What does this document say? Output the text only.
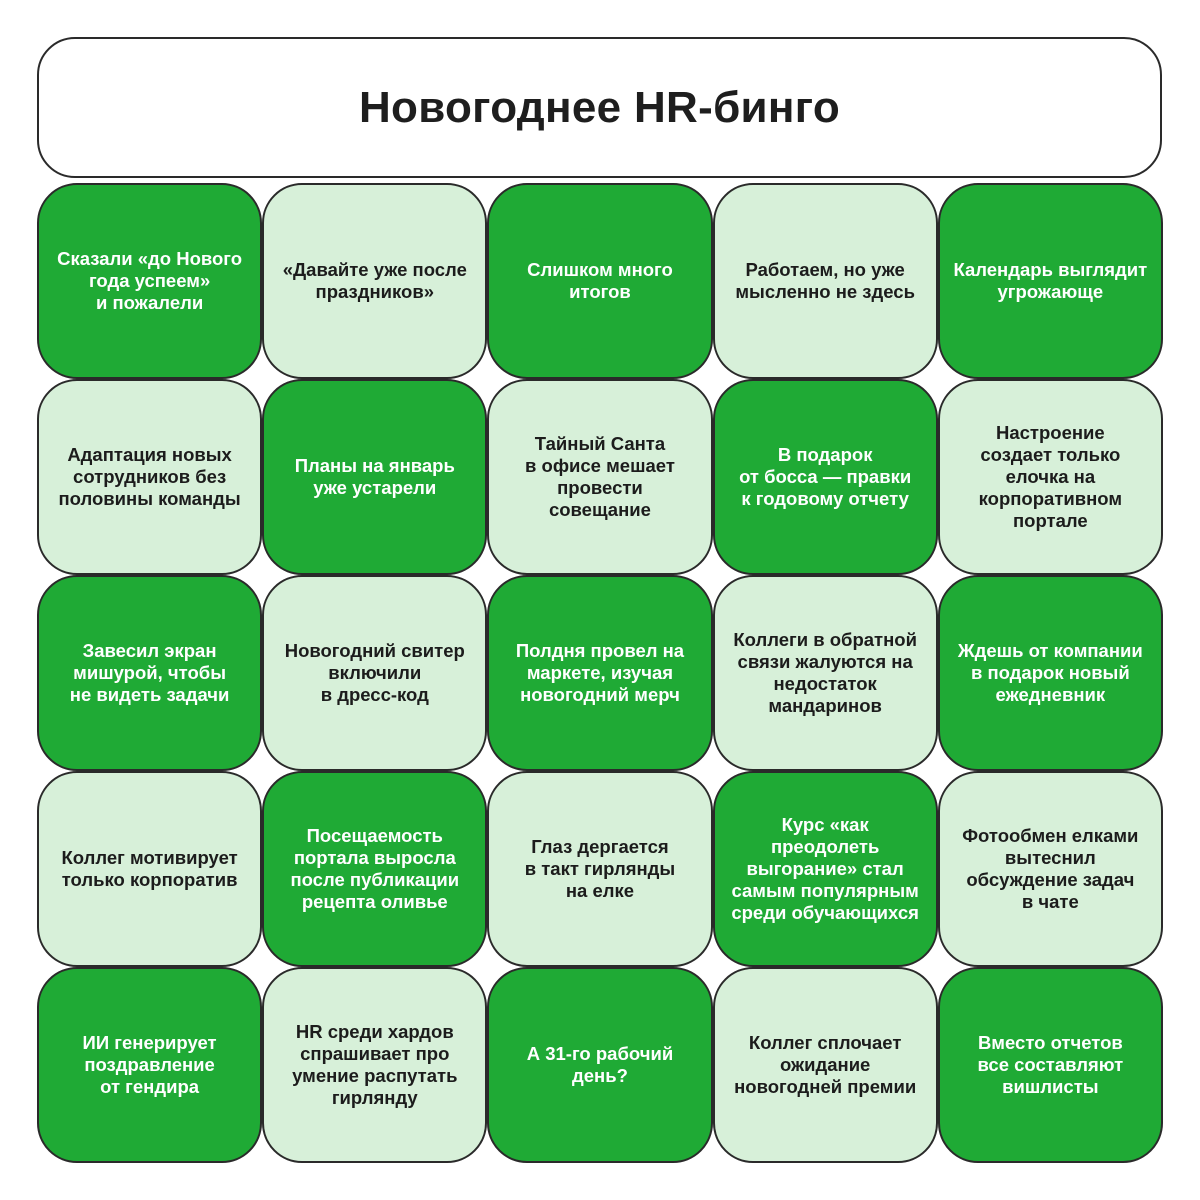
Новогоднее HR-бинго
Сказали «до Нового
года успеем»
и пожалели
«Давайте уже после
праздников»
Слишком много
итогов
Работаем, но уже
мысленно не здесь
Календарь выглядит
угрожающе
Адаптация новых
сотрудников без
половины команды
Планы на январь
уже устарели
Тайный Санта
в офисе мешает
провести
совещание
В подарок
от босса — правки
к годовому отчету
Настроение
создает только
елочка на
корпоративном
портале
Завесил экран
мишурой, чтобы
не видеть задачи
Новогодний свитер
включили
в дресс-код
Полдня провел на
маркете, изучая
новогодний мерч
Коллеги в обратной
связи жалуются на
недостаток
мандаринов
Ждешь от компании
в подарок новый
ежедневник
Коллег мотивирует
только корпоратив
Посещаемость
портала выросла
после публикации
рецепта оливье
Глаз дергается
в такт гирлянды
на елке
Курс «как
преодолеть
выгорание» стал
самым популярным
среди обучающихся
Фотообмен елками
вытеснил
обсуждение задач
в чате
ИИ генерирует
поздравление
от гендира
HR среди хардов
спрашивает про
умение распутать
гирлянду
А 31-го рабочий
день?
Коллег сплочает
ожидание
новогодней премии
Вместо отчетов
все составляют
вишлисты
